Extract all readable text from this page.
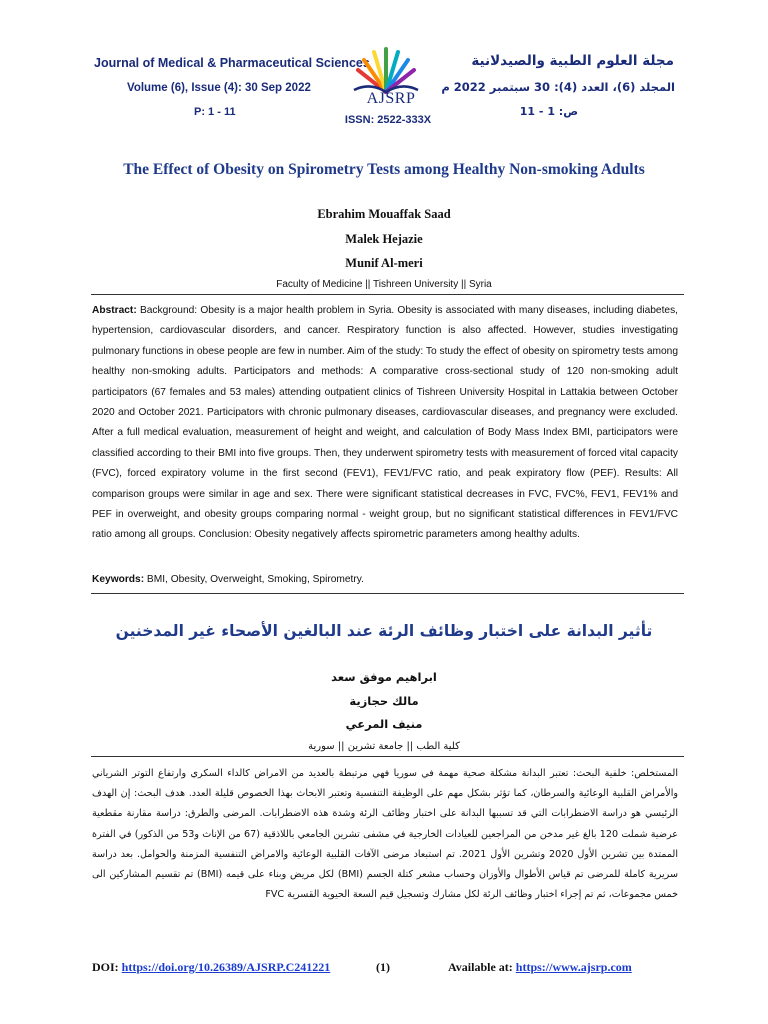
Journal of Medical & Pharmaceutical Sciences
Volume (6), Issue (4): 30 Sep 2022
P: 1 - 11
مجلة العلوم الطبية والصيدلانية
المجلد (6)، العدد (4): 30 سبتمبر 2022 م
ص: 1 - 11
AJSRP
ISSN: 2522-333X
The Effect of Obesity on Spirometry Tests among Healthy Non-smoking Adults
Ebrahim Mouaffak Saad
Malek Hejazie
Munif Al-meri
Faculty of Medicine || Tishreen University || Syria
Abstract: Background: Obesity is a major health problem in Syria. Obesity is associated with many diseases, including diabetes, hypertension, cardiovascular disorders, and cancer. Respiratory function is also affected. However, studies investigating pulmonary functions in obese people are few in number. Aim of the study: To study the effect of obesity on spirometry tests among healthy non-smoking adults. Participators and methods: A comparative cross-sectional study of 120 non-smoking adult participators (67 females and 53 males) attending outpatient clinics of Tishreen University Hospital in Lattakia between October 2020 and October 2021. Participators with chronic pulmonary diseases, cardiovascular diseases, and pregnancy were excluded. After a full medical evaluation, measurement of height and weight, and calculation of Body Mass Index BMI, participators were classified according to their BMI into five groups. Then, they underwent spirometry tests with measurement of forced vital capacity (FVC), forced expiratory volume in the first second (FEV1), FEV1/FVC ratio, and peak expiratory flow (PEF). Results: All comparison groups were similar in age and sex. There were significant statistical decreases in FVC, FVC%, FEV1, FEV1% and PEF in overweight, and obesity groups comparing normal - weight group, but no significant statistical differences in FEV1/FVC ratio among all groups. Conclusion: Obesity negatively affects spirometric parameters among healthy adults.
Keywords: BMI, Obesity, Overweight, Smoking, Spirometry.
تأثير البدانة على اختبار وظائف الرئة عند البالغين الأصحاء غير المدخنين
ابراهيم موفق سعد
مالك حجازية
منيف المرعي
كلية الطب || جامعة تشرين || سورية
المستخلص: خلفية البحث: تعتبر البدانة مشكلة صحية مهمة في سوريا فهي مرتبطة بالعديد من الامراض كالداء السكري وارتفاع التوتر الشرياني والأمراض القلبية الوعائية والسرطان، كما تؤثر بشكل مهم على الوظيفة التنفسية وتعتبر الابحاث بهذا الخصوص قليلة العدد. هدف البحث: إن الهدف الرئيسي هو دراسة الاضطرابات التي قد تسببها البدانة على اختبار وظائف الرئة وشدة هذه الاضطرابات. المرضى والطرق: دراسة مقارنة مقطعية عرضية شملت 120 بالغ غير مدخن من المراجعين للعيادات الخارجية في مشفى تشرين الجامعي باللاذقية (67 من الإناث و53 من الذكور) في الفترة الممتدة بين تشرين الأول 2020 وتشرين الأول 2021. تم استبعاد مرضى الآفات القلبية الوعائية والامراض التنفسية المزمنة والحوامل. بعد دراسة سريرية كاملة للمرضى تم قياس الأطوال والأوزان وحساب مشعر كتلة الجسم (BMI) لكل مريض وبناء على قيمه (BMI) تم تقسيم المشاركين الى خمس مجموعات، ثم تم إجراء اختبار وظائف الرئة لكل مشارك وتسجيل قيم السعة الحيوية القسرية FVC
DOI: https://doi.org/10.26389/AJSRP.C241221	(1)	Available at: https://www.ajsrp.com
